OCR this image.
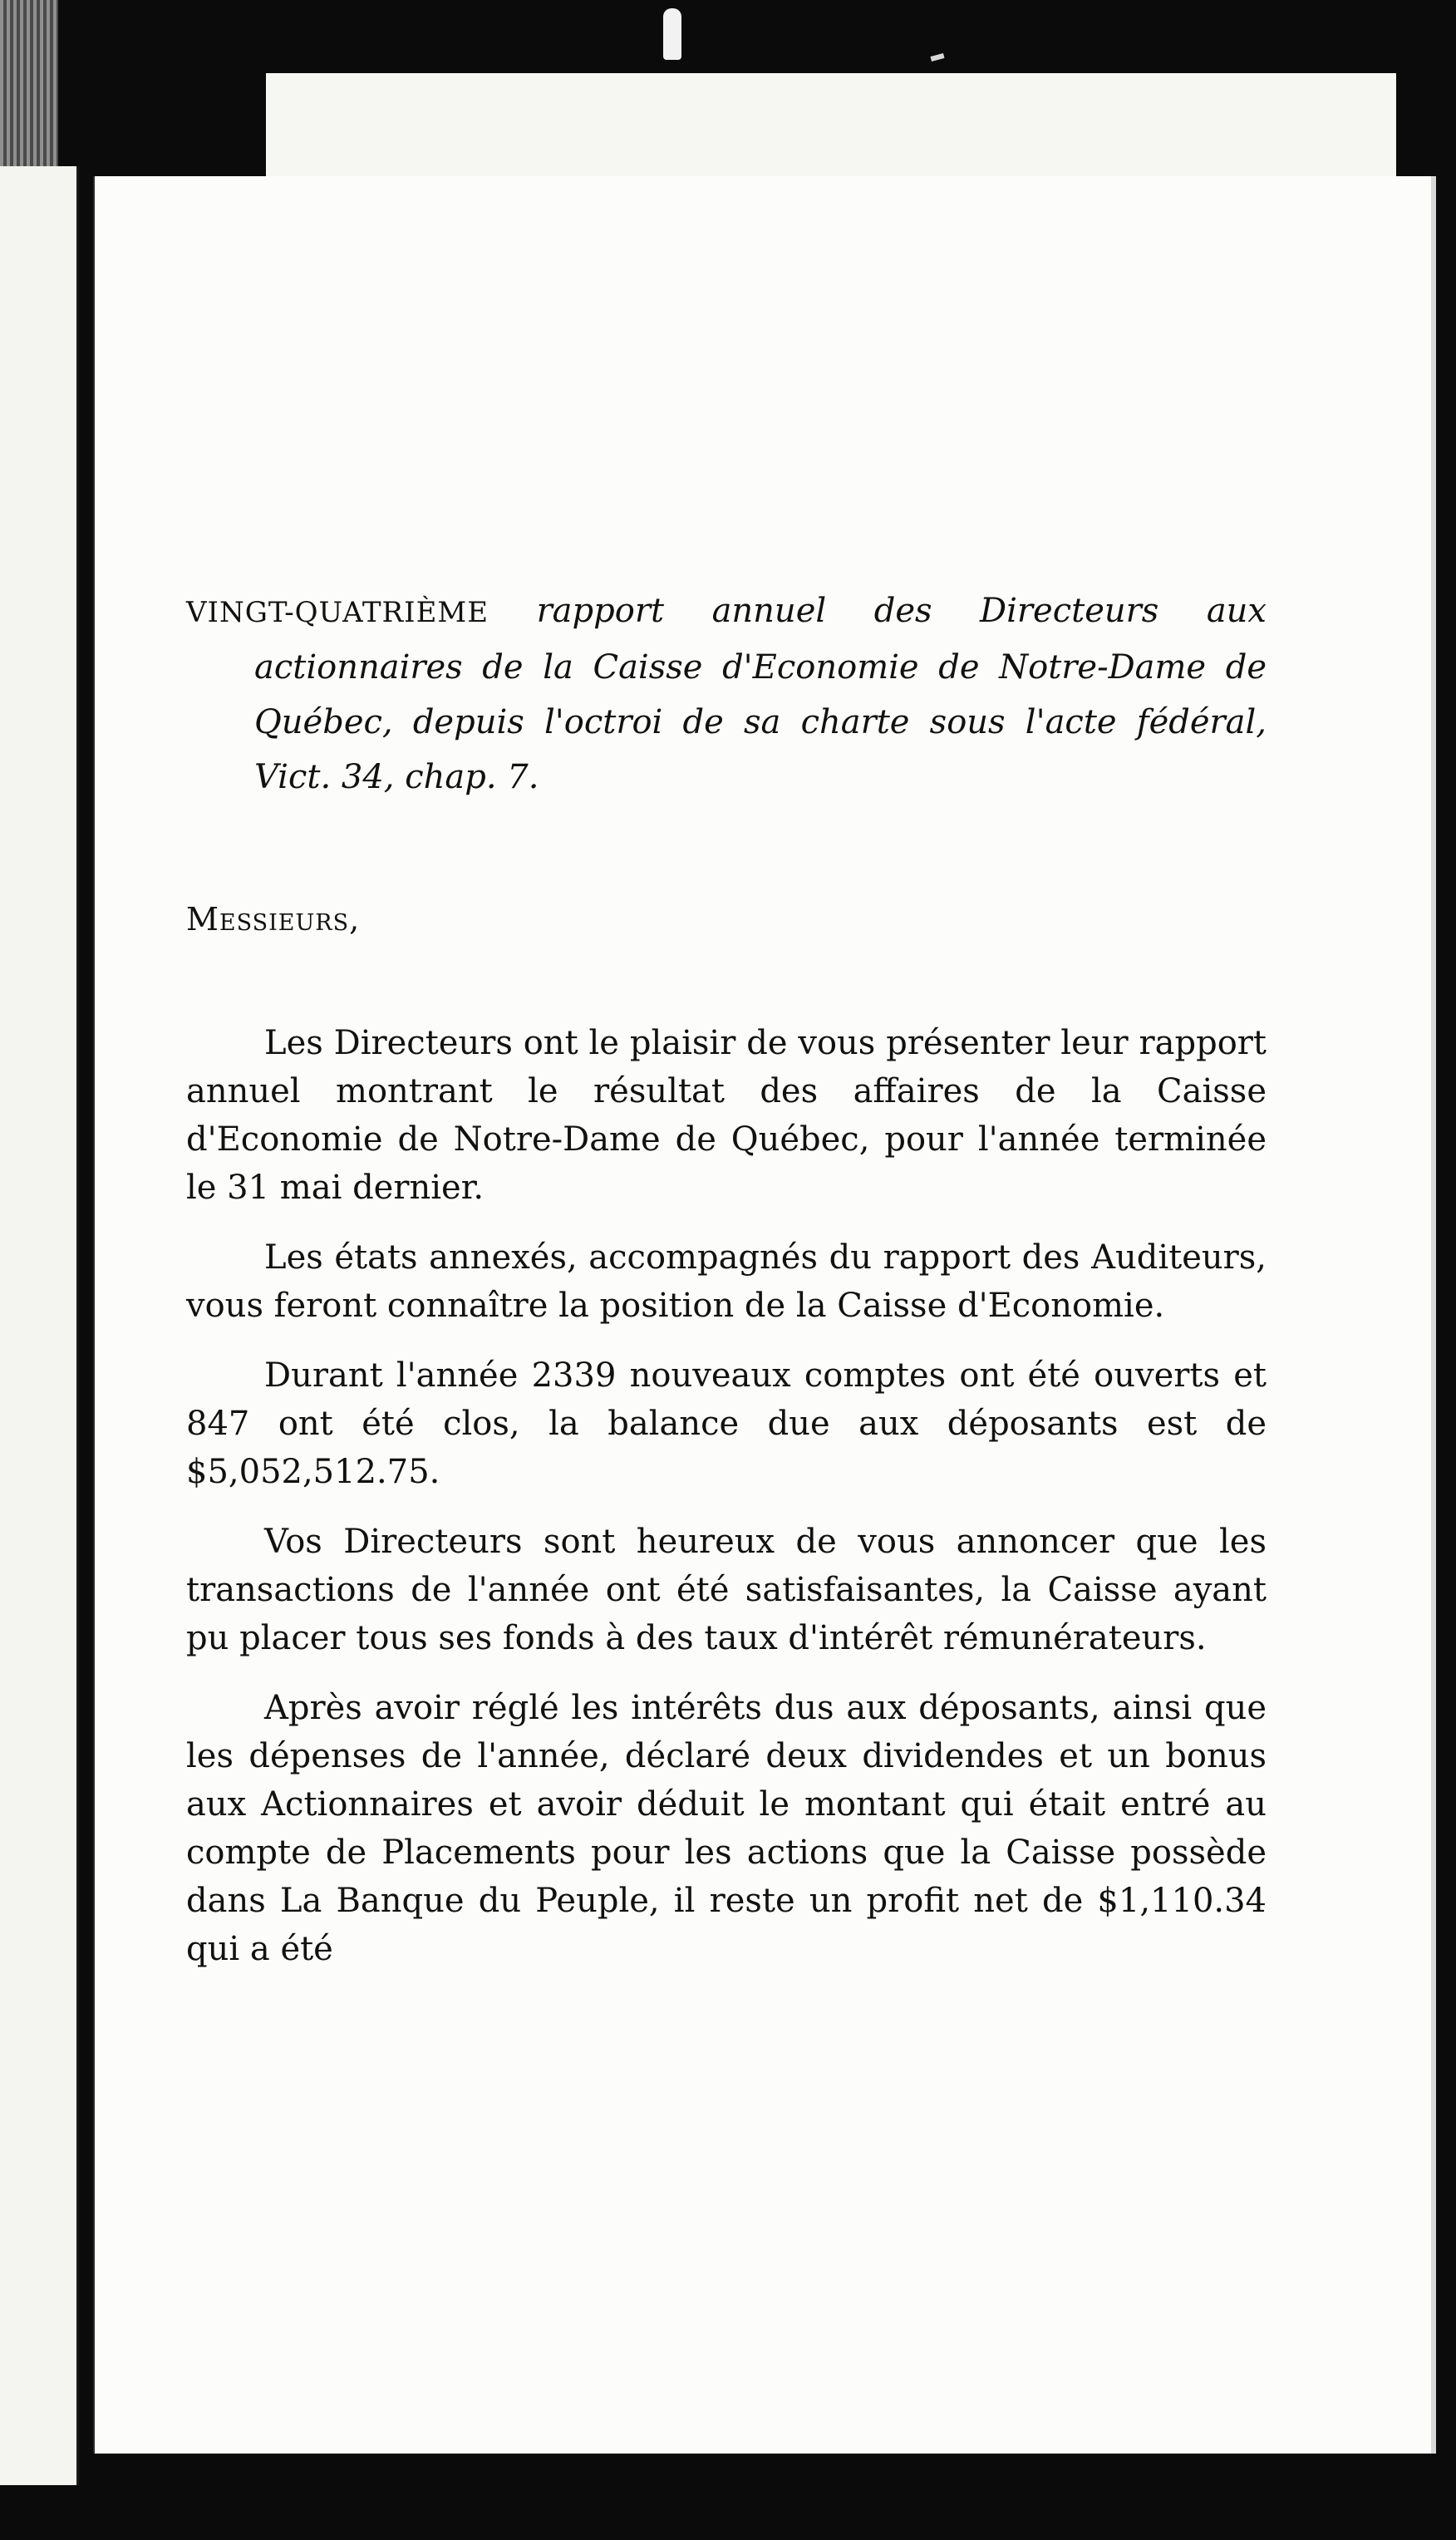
VINGT-QUATRIÈME rapport annuel des Directeurs aux actionnaires de la Caisse d'Economie de Notre-Dame de Québec, depuis l'octroi de sa charte sous l'acte fédéral, Vict. 34, chap. 7.

Messieurs,

Les Directeurs ont le plaisir de vous présenter leur rapport annuel montrant le résultat des affaires de la Caisse d'Economie de Notre-Dame de Québec, pour l'année terminée le 31 mai dernier.

Les états annexés, accompagnés du rapport des Auditeurs, vous feront connaître la position de la Caisse d'Economie.

Durant l'année 2339 nouveaux comptes ont été ouverts et 847 ont été clos, la balance due aux déposants est de $5,052,512.75.

Vos Directeurs sont heureux de vous annoncer que les transactions de l'année ont été satisfaisantes, la Caisse ayant pu placer tous ses fonds à des taux d'intérêt rémunérateurs.

Après avoir réglé les intérêts dus aux déposants, ainsi que les dépenses de l'année, déclaré deux dividendes et un bonus aux Actionnaires et avoir déduit le montant qui était entré au compte de Placements pour les actions que la Caisse possède dans La Banque du Peuple, il reste un profit net de $1,110.34 qui a été
